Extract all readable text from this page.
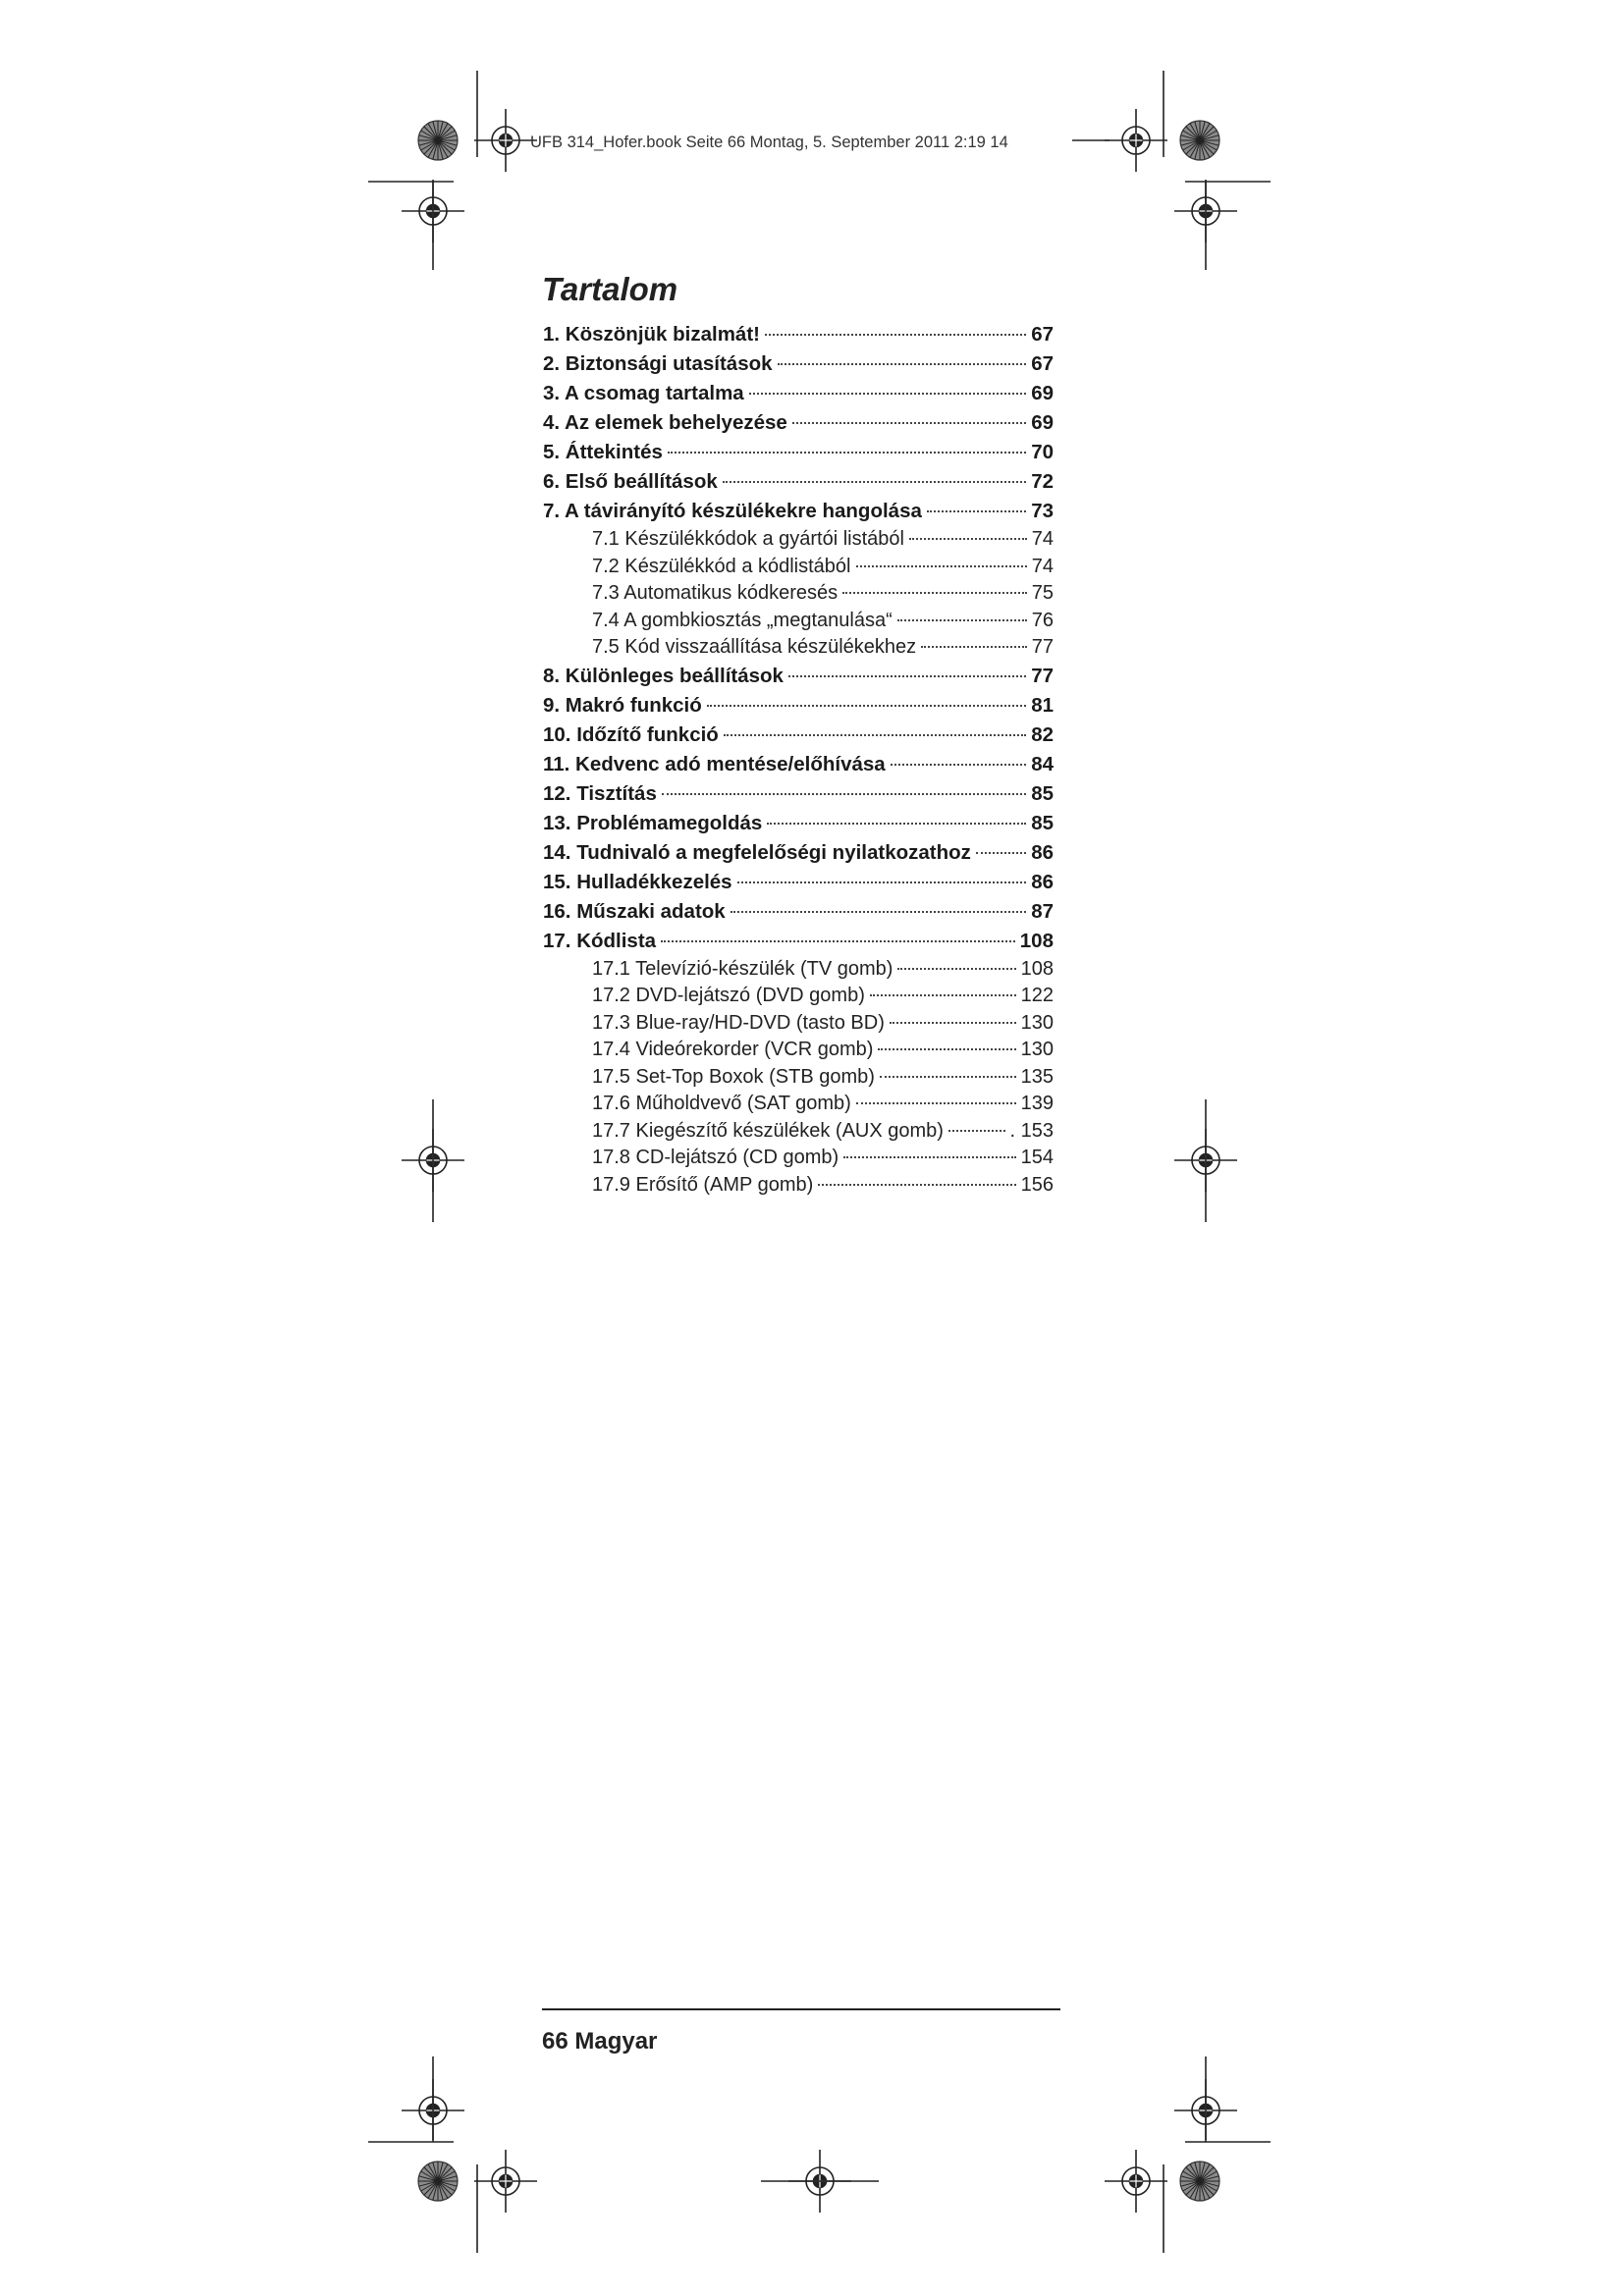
UFB 314_Hofer.book Seite 66 Montag, 5. September 2011 2:19 14
Tartalom
1. Köszönjük bizalmát!	67
2. Biztonsági utasítások	67
3. A csomag tartalma	69
4. Az elemek behelyezése	69
5. Áttekintés	70
6. Első beállítások	72
7. A távirányító készülékekre hangolása	73
7.1 Készülékkódok a gyártói listából	74
7.2 Készülékkód a kódlistából	74
7.3 Automatikus kódkeresés	75
7.4 A gombkiosztás „megtanulása“	76
7.5 Kód visszaállítása készülékekhez	77
8. Különleges beállítások	77
9. Makró funkció	81
10. Időzítő funkció	82
11. Kedvenc adó mentése/előhívása	84
12. Tisztítás	85
13. Problémamegoldás	85
14. Tudnivaló a megfelelőségi nyilatkozathoz	86
15. Hulladékkezelés	86
16. Műszaki adatok	87
17. Kódlista	108
17.1 Televízió-készülék (TV gomb)	108
17.2 DVD-lejátszó (DVD gomb)	122
17.3 Blue-ray/HD-DVD (tasto BD)	130
17.4 Videórekorder (VCR gomb)	130
17.5 Set-Top Boxok (STB gomb)	135
17.6 Műholdvevő (SAT gomb)	139
17.7 Kiegészítő készülékek (AUX gomb)	. 153
17.8 CD-lejátszó (CD gomb)	154
17.9 Erősítő (AMP gomb)	156
66 Magyar
